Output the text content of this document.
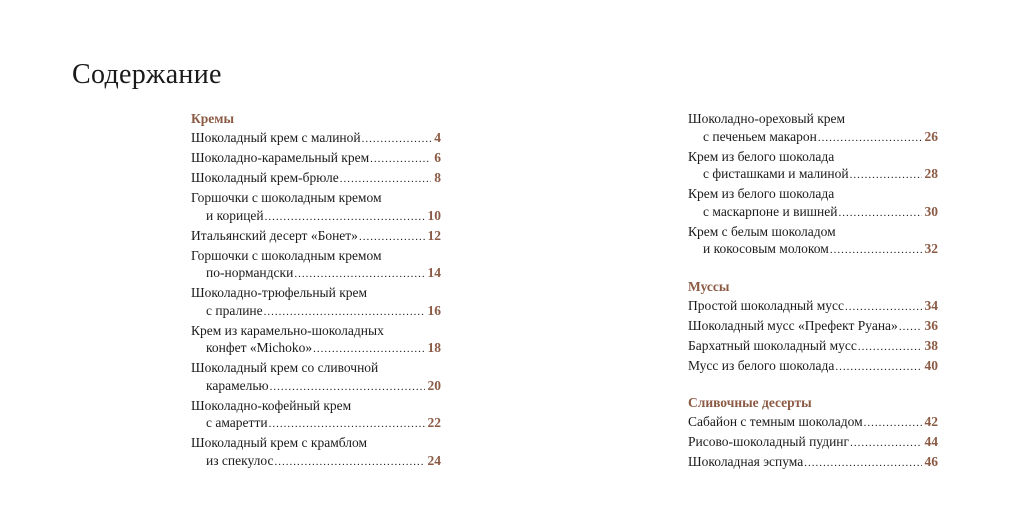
Содержание
Кремы
Шоколадный крем с малиной .....	4
Шоколадно-карамельный крем .....	6
Шоколадный крем-брюле .....	8
Горшочки с шоколадным кремом
и корицей .....	10
Итальянский десерт «Бонет» .....	12
Горшочки с шоколадным кремом
по-нормандски .....	14
Шоколадно-трюфельный крем
с пралине .....	16
Крем из карамельно-шоколадных
конфет «Michoko» .....	18
Шоколадный крем со сливочной
карамелью .....	20
Шоколадно-кофейный крем
с амаретти .....	22
Шоколадный крем с крамблом
из спекулос .....	24
Шоколадно-ореховый крем
с печеньем макарон .....	26
Крем из белого шоколада
с фисташками и малиной .....	28
Крем из белого шоколада
с маскарпоне и вишней .....	30
Крем с белым шоколадом
и кокосовым молоком .....	32
Муссы
Простой шоколадный мусс .....	34
Шоколадный мусс «Префект Руана» ..... 36
Бархатный шоколадный мусс .....	38
Мусс из белого шоколада .....	40
Сливочные десерты
Сабайон с темным шоколадом .....	42
Рисово-шоколадный пудинг .....	44
Шоколадная эспума .....	46
